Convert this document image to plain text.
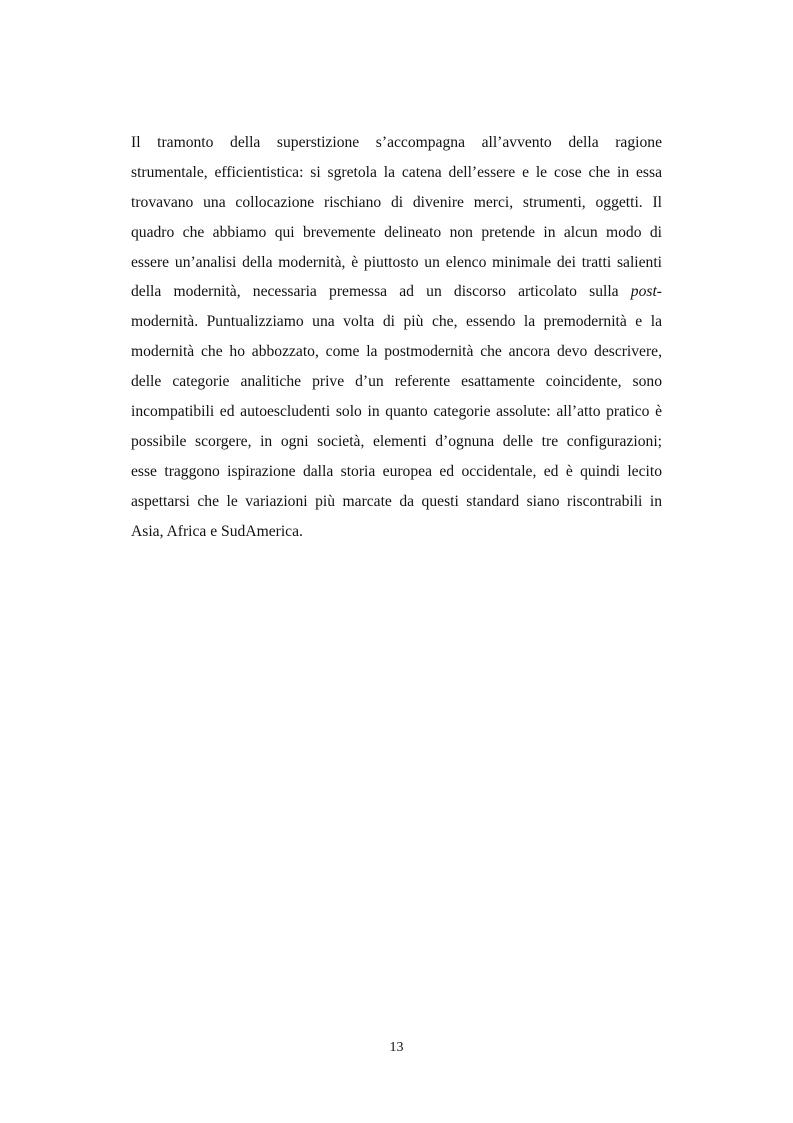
Il tramonto della superstizione s’accompagna all’avvento della ragione
strumentale, efficientistica: si sgretola la catena dell’essere e le cose che in essa
trovavano una collocazione rischiano di divenire merci, strumenti, oggetti. Il
quadro che abbiamo qui brevemente delineato non pretende in alcun modo di
essere un’analisi della modernità, è piuttosto un elenco minimale dei tratti salienti
della modernità, necessaria premessa ad un discorso articolato sulla post-
modernità. Puntualizziamo una volta di più che, essendo la premodernità e la
modernità che ho abbozzato, come la postmodernità che ancora devo descrivere,
delle categorie analitiche prive d’un referente esattamente coincidente, sono
incompatibili ed autoescludenti solo in quanto categorie assolute: all’atto pratico è
possibile scorgere, in ogni società, elementi d’ognuna delle tre configurazioni;
esse traggono ispirazione dalla storia europea ed occidentale, ed è quindi lecito
aspettarsi che le variazioni più marcate da questi standard siano riscontrabili in
Asia, Africa e SudAmerica.
13
